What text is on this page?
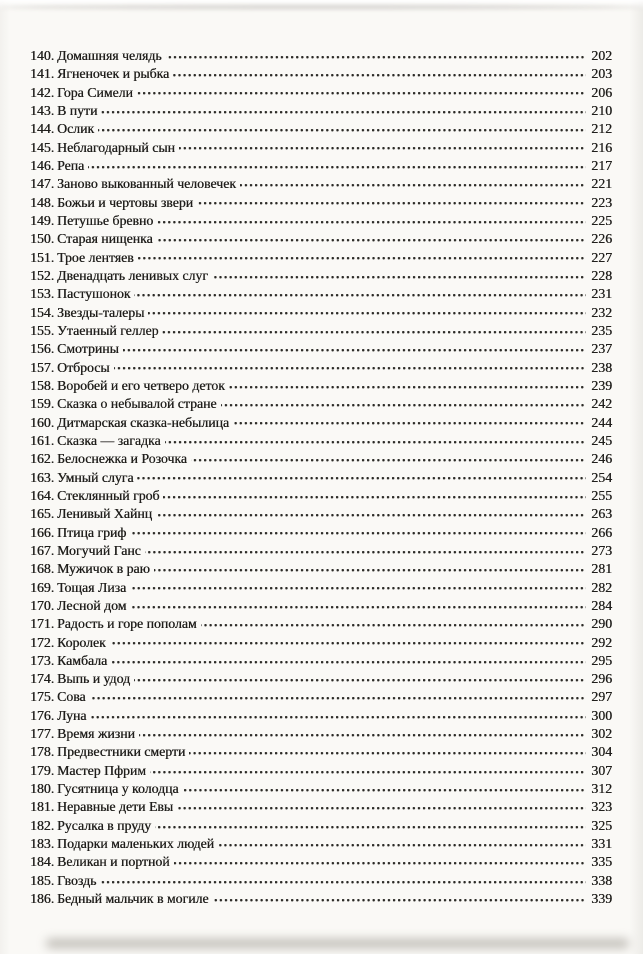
140. Домашняя челядь	202
141. Ягненочек и рыбка	203
142. Гора Симели	206
143. В пути	210
144. Ослик	212
145. Неблагодарный сын	216
146. Репа	217
147. Заново выкованный человечек	221
148. Божьи и чертовы звери	223
149. Петушье бревно	225
150. Старая нищенка	226
151. Трое лентяев	227
152. Двенадцать ленивых слуг	228
153. Пастушонок	231
154. Звезды-талеры	232
155. Утаенный геллер	235
156. Смотрины	237
157. Отбросы	238
158. Воробей и его четверо деток	239
159. Сказка о небывалой стране	242
160. Дитмарская сказка-небылица	244
161. Сказка — загадка	245
162. Белоснежка и Розочка	246
163. Умный слуга	254
164. Стеклянный гроб	255
165. Ленивый Хайнц	263
166. Птица гриф	266
167. Могучий Ганс	273
168. Мужичок в раю	281
169. Тощая Лиза	282
170. Лесной дом	284
171. Радость и горе пополам	290
172. Королек	292
173. Камбала	295
174. Выпь и удод	296
175. Сова	297
176. Луна	300
177. Время жизни	302
178. Предвестники смерти	304
179. Мастер Пфрим	307
180. Гусятница у колодца	312
181. Неравные дети Евы	323
182. Русалка в пруду	325
183. Подарки маленьких людей	331
184. Великан и портной	335
185. Гвоздь	338
186. Бедный мальчик в могиле	339
